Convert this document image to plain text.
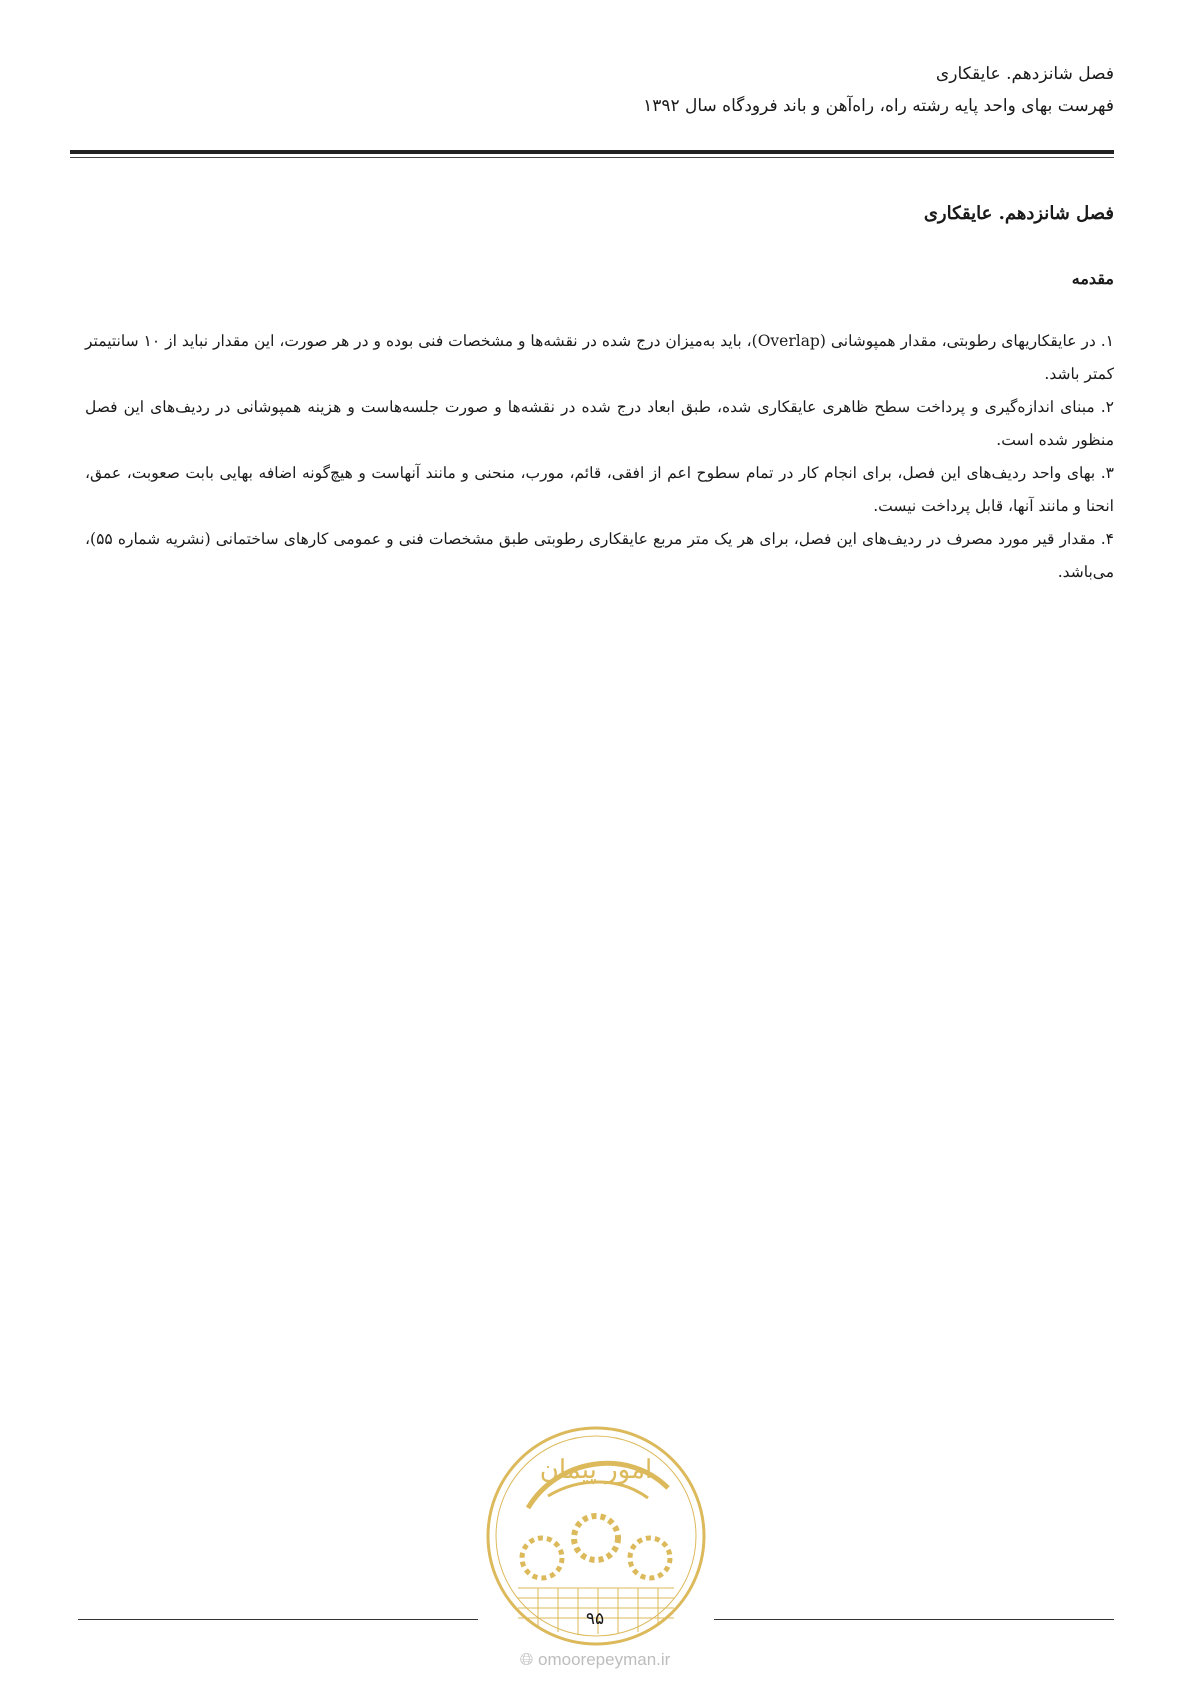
فصل شانزدهم. عایقکاری
فهرست بهای واحد پایه رشته راه، راه‌آهن و باند فرودگاه سال ۱۳۹۲
فصل شانزدهم. عایقکاری
مقدمه

۱. در عایقکاریهای رطوبتی، مقدار همپوشانی (Overlap)، باید به‌میزان درج شده در نقشه‌ها و مشخصات فنی بوده و در هر صورت، این مقدار نباید از ۱۰ سانتیمتر کمتر باشد.

۲. مبنای اندازه‌گیری و پرداخت سطح ظاهری عایقکاری شده، طبق ابعاد درج شده در نقشه‌ها و صورت جلسه‌هاست و هزینه همپوشانی در ردیف‌های این فصل منظور شده است.

۳. بهای واحد ردیف‌های این فصل، برای انجام کار در تمام سطوح اعم از افقی، قائم، مورب، منحنی و مانند آنهاست و هیچ‌گونه اضافه بهایی بابت صعوبت، عمق، انحنا و مانند آنها، قابل پرداخت نیست.

۴. مقدار قیر مورد مصرف در ردیف‌های این فصل، برای هر یک متر مربع عایقکاری رطوبتی طبق مشخصات فنی و عمومی کارهای ساختمانی (نشریه شماره ۵۵)، می‌باشد.

امور پیمان
۹۵
🌐︎ omoorepeyman.ir
